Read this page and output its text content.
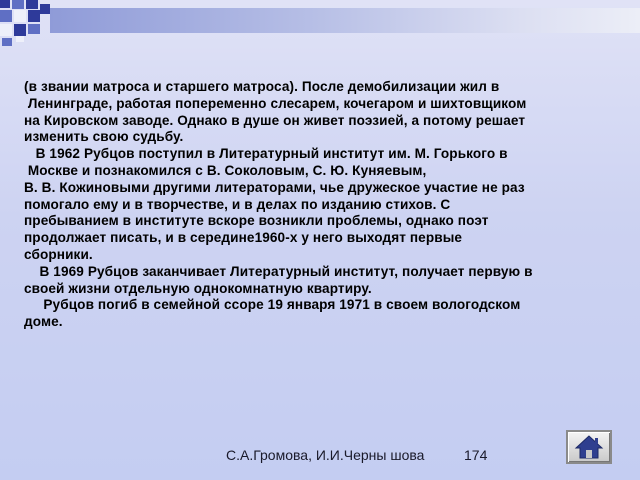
(в звании матроса и старшего матроса). После демобилизации жил в
Ленинграде, работая попеременно слесарем, кочегаром и шихтовщиком
на Кировском заводе. Однако в душе он живет поэзией, а потому решает
изменить свою судьбу.
В 1962 Рубцов поступил в Литературный институт им. М. Горького в
Москве и познакомился с В. Соколовым, С. Ю. Куняевым,
В. В. Кожиновыми другими литераторами, чье дружеское участие не раз
помогало ему и в творчестве, и в делах по изданию стихов. С
пребыванием в институте вскоре возникли проблемы, однако поэт
продолжает писать, и в середине1960-х у него выходят первые
сборники.
В 1969 Рубцов заканчивает Литературный институт, получает первую в
своей жизни отдельную однокомнатную квартиру.
Рубцов погиб в семейной ссоре 19 января 1971 в своем вологодском
доме.
С.А.Громова, И.И.Черны шова	174
